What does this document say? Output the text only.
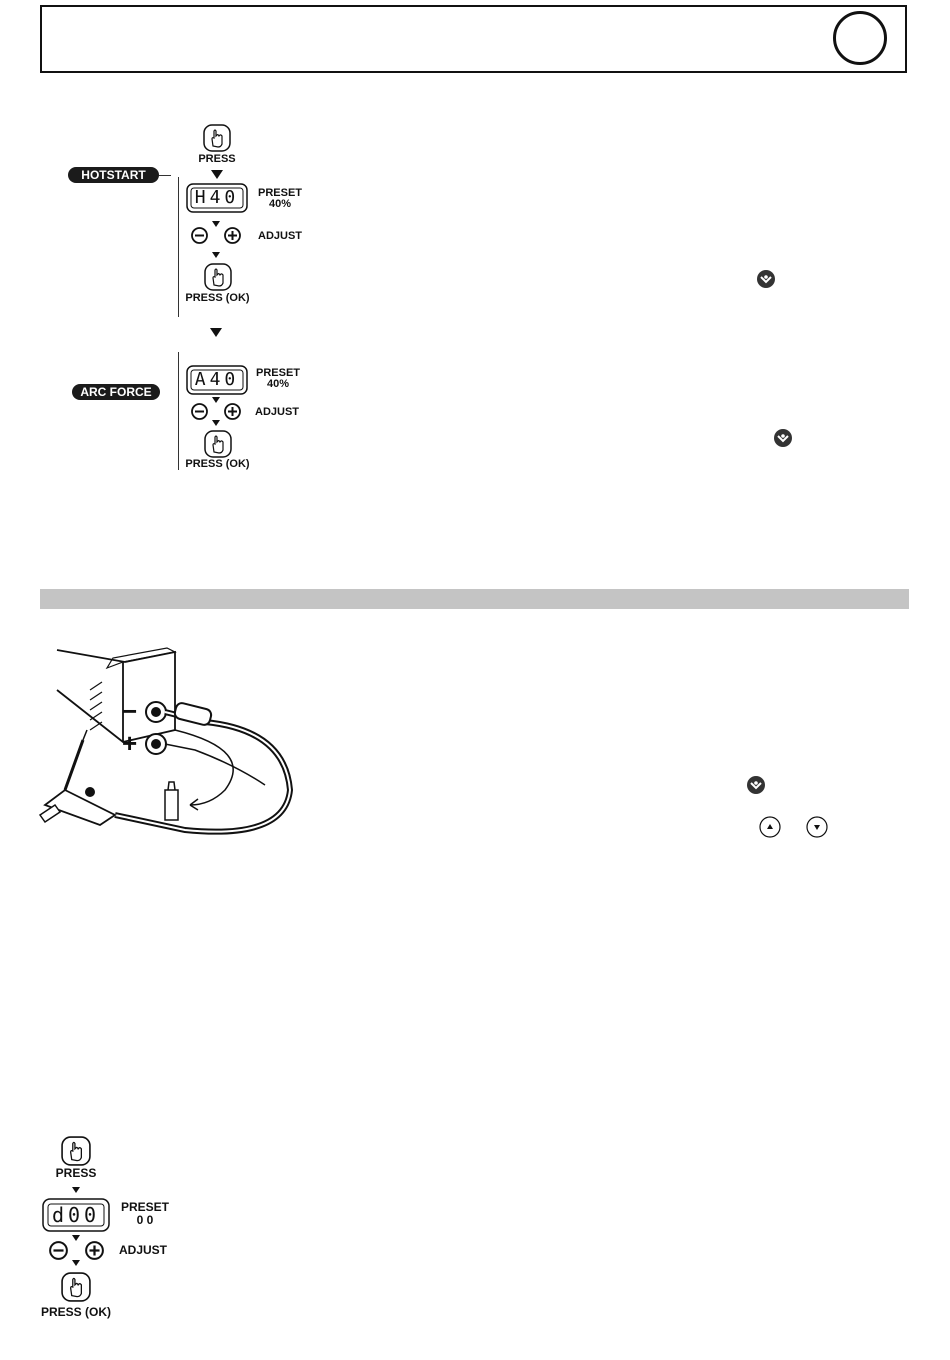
HOTSTART
PRESS
H40	PRESET
40%
ADJUST
PRESS (OK)
ARC FORCE
A40	PRESET
40%
ADJUST
PRESS (OK)
−
+
PRESS
d00	PRESET
0 0
ADJUST
PRESS (OK)
